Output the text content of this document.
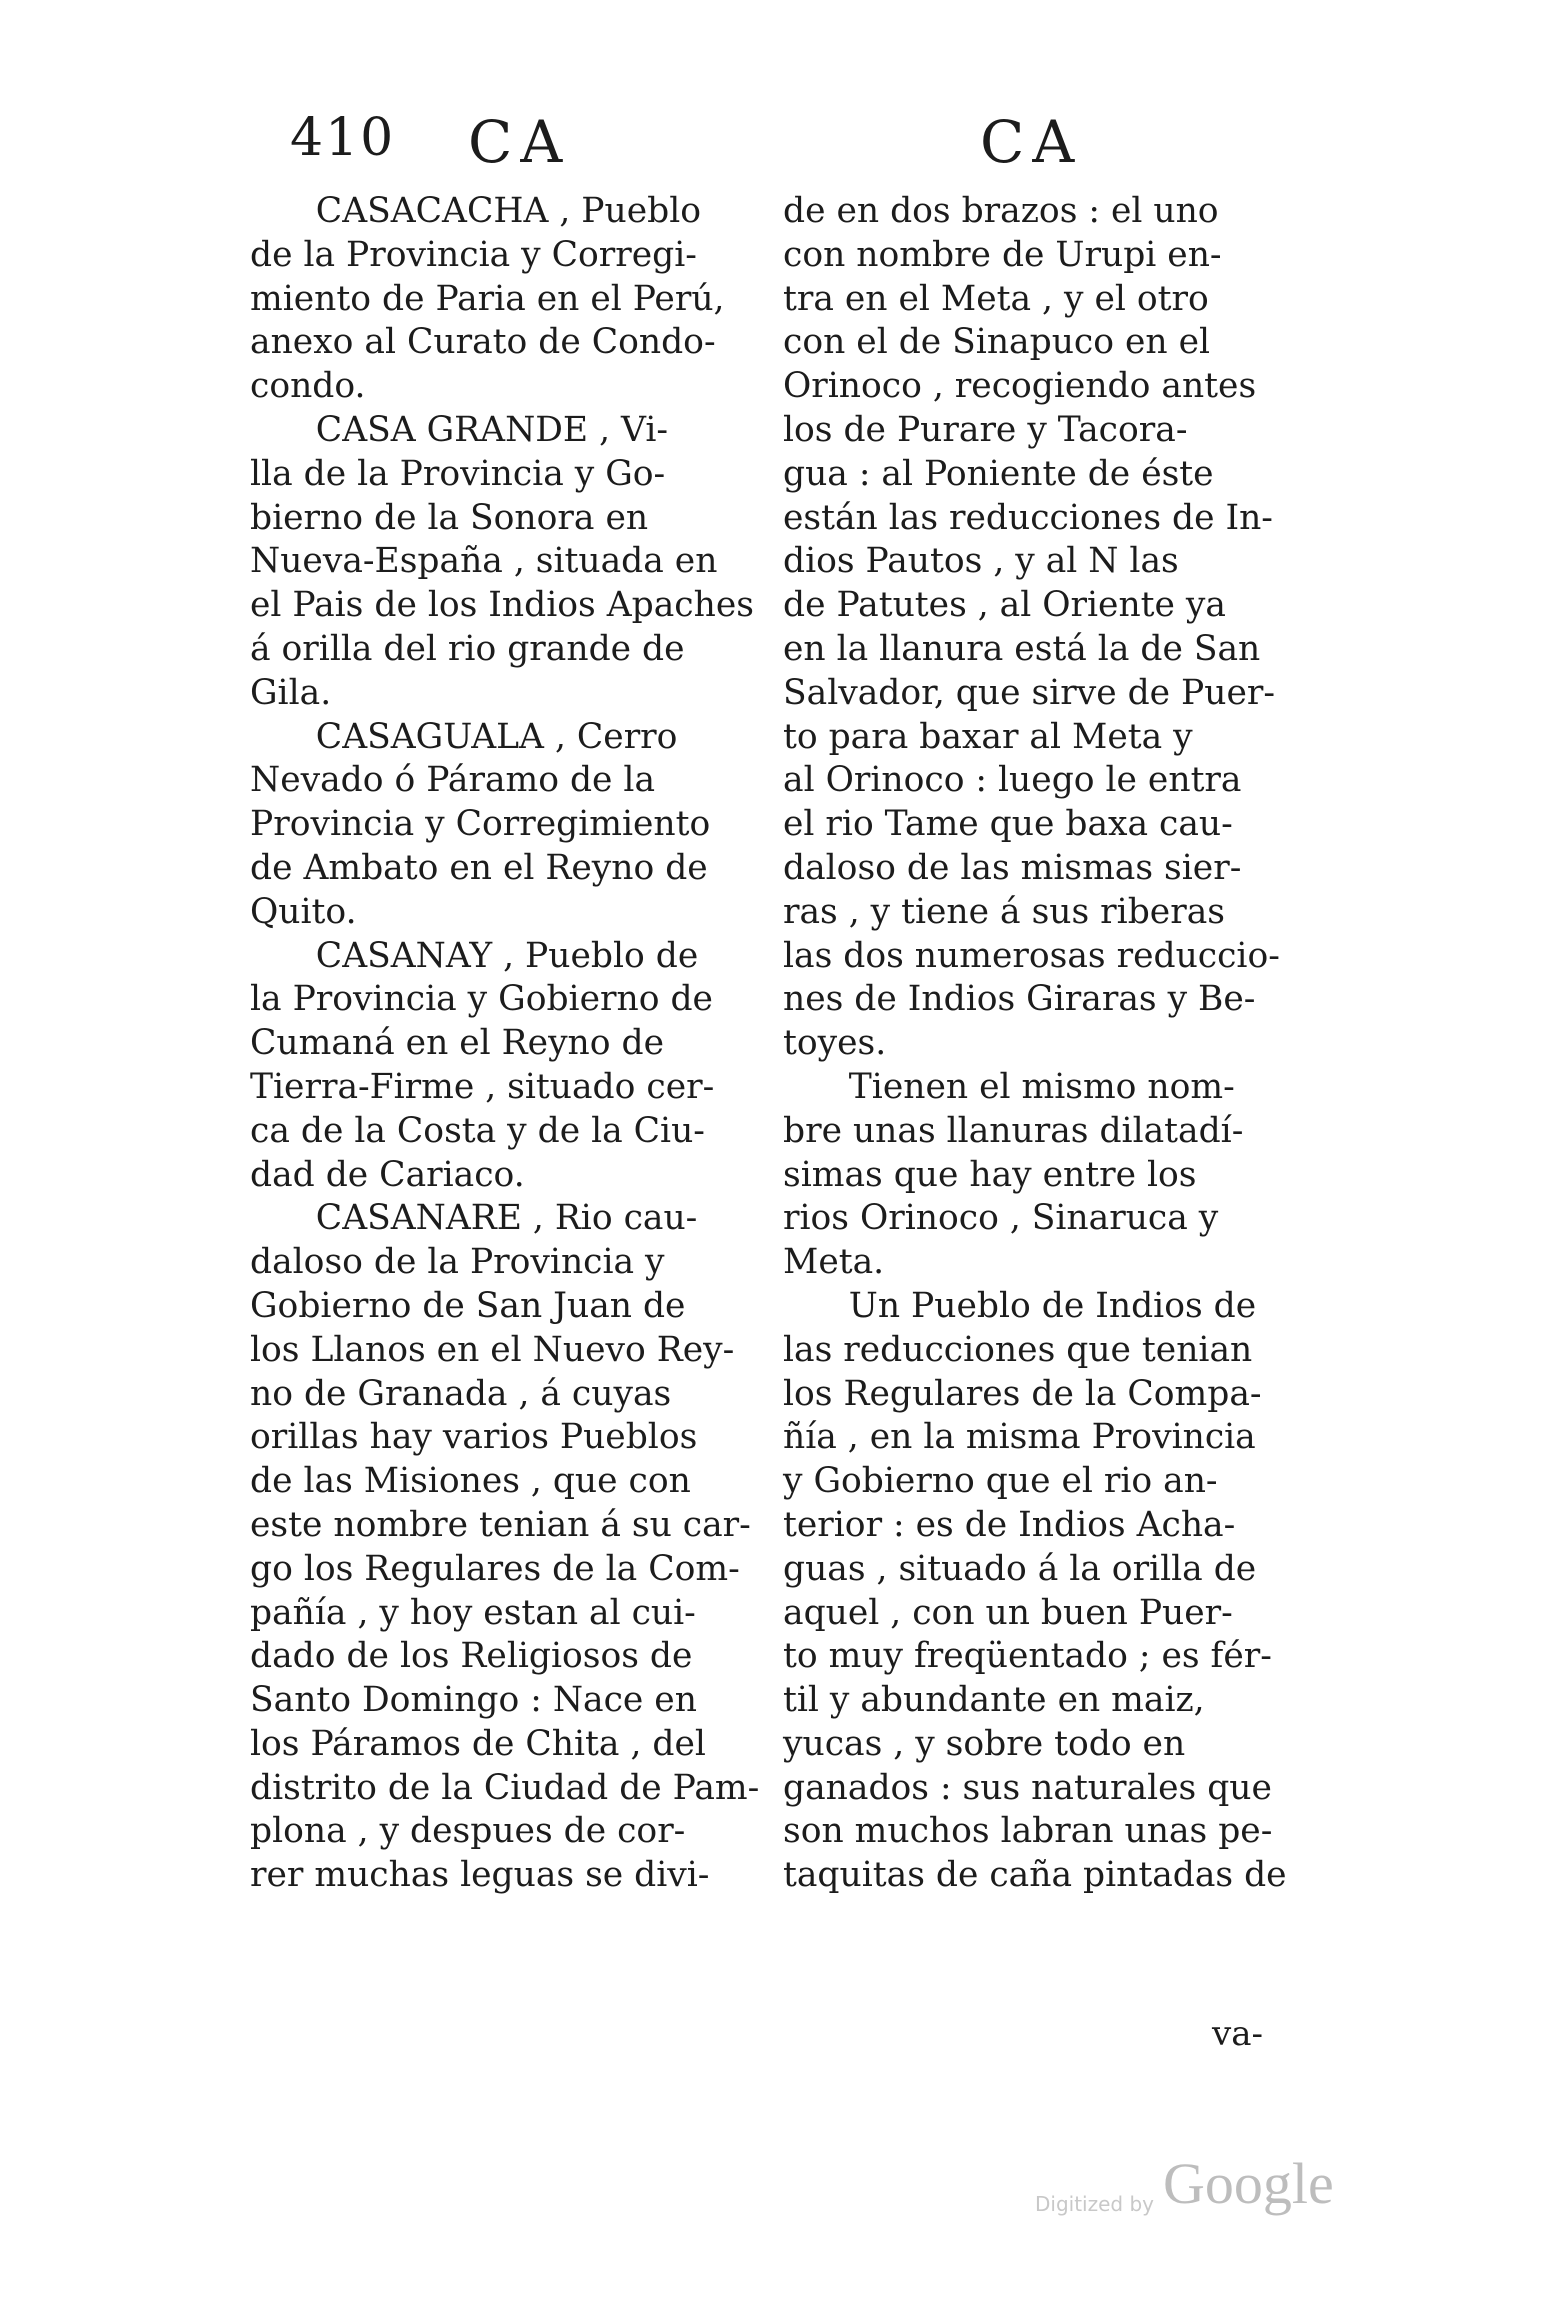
410 CA	CA
CASACACHA , Pueblo
de la Provincia y Corregi-
miento de Paria en el Perú,
anexo al Curato de Condo-
condo.
CASA GRANDE , Vi-
lla de la Provincia y Go-
bierno de la Sonora en
Nueva-España , situada en
el Pais de los Indios Apaches
á orilla del rio grande de
Gila.
CASAGUALA , Cerro
Nevado ó Páramo de la
Provincia y Corregimiento
de Ambato en el Reyno de
Quito.
CASANAY , Pueblo de
la Provincia y Gobierno de
Cumaná en el Reyno de
Tierra-Firme , situado cer-
ca de la Costa y de la Ciu-
dad de Cariaco.
CASANARE , Rio cau-
daloso de la Provincia y
Gobierno de San Juan de
los Llanos en el Nuevo Rey-
no de Granada , á cuyas
orillas hay varios Pueblos
de las Misiones , que con
este nombre tenian á su car-
go los Regulares de la Com-
pañía , y hoy estan al cui-
dado de los Religiosos de
Santo Domingo : Nace en
los Páramos de Chita , del
distrito de la Ciudad de Pam-
plona , y despues de cor-
rer muchas leguas se divi-
de en dos brazos : el uno
con nombre de Urupi en-
tra en el Meta , y el otro
con el de Sinapuco en el
Orinoco , recogiendo antes
los de Purare y Tacora-
gua : al Poniente de éste
están las reducciones de In-
dios Pautos , y al N las
de Patutes , al Oriente ya
en la llanura está la de San
Salvador, que sirve de Puer-
to para baxar al Meta y
al Orinoco : luego le entra
el rio Tame que baxa cau-
daloso de las mismas sier-
ras , y tiene á sus riberas
las dos numerosas reduccio-
nes de Indios Giraras y Be-
toyes.
Tienen el mismo nom-
bre unas llanuras dilatadí-
simas que hay entre los
rios Orinoco , Sinaruca y
Meta.
Un Pueblo de Indios de
las reducciones que tenian
los Regulares de la Compa-
ñía , en la misma Provincia
y Gobierno que el rio an-
terior : es de Indios Acha-
guas , situado á la orilla de
aquel , con un buen Puer-
to muy freqüentado ; es fér-
til y abundante en maiz,
yucas , y sobre todo en
ganados : sus naturales que
son muchos labran unas pe-
taquitas de caña pintadas de
va-
Digitized by Google
